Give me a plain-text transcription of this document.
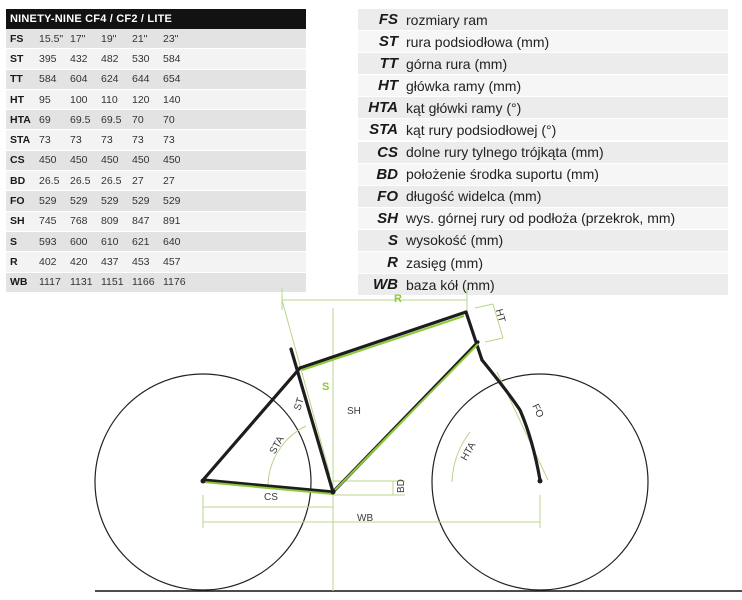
NINETY-NINE CF4 / CF2 / LITE
FS	15.5" 17"	19"	21"	23"
ST	395	432	482	530	584
TT	584	604	624	644	654
HT	95	100	110	120	140
HTA 69	69.5	69.5	70	70
STA 73	73	73	73	73
CS	450	450	450	450	450
BD	26.5	26.5	26.5	27	27
FO	529	529	529	529	529
SH	745	768	809	847	891
S	593	600	610	621	640
R	402	420	437	453	457
WB	1117 1131 1151 1166 1176
FS rozmiary ram
ST rura podsiodłowa (mm)
TT górna rura (mm)
HT główka ramy (mm)
HTA kąt główki ramy (°)
STA kąt rury podsiodłowej (°)
CS dolne rury tylnego trójkąta (mm)
BD położenie środka suportu (mm)
FO długość widelca (mm)
SH wys. górnej rury od podłoża (przekrok, mm)
S wysokość (mm)
R zasięg (mm)
WB baza kół (mm)
R
S
SH
ST
STA
CS
BD
WB
HT
HTA
FO
